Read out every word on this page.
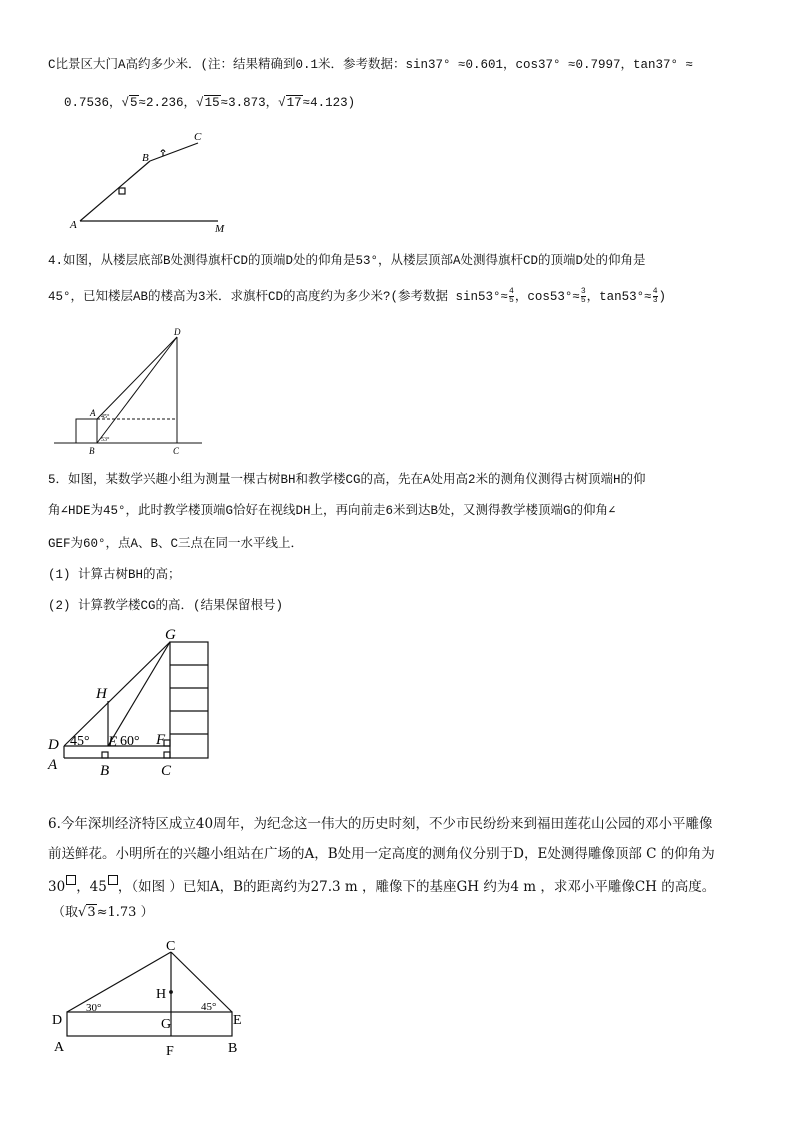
C比景区大门A高约多少米．(注：结果精确到0.1米．参考数据：sin37° ≈0.601，cos37° ≈0.7997，tan37° ≈
0.7536，√5≈2.236，√15≈3.873，√17≈4.123)
A
B
C
M
4.如图，从楼层底部B处测得旗杆CD的顶端D处的仰角是53°，从楼层顶部A处测得旗杆CD的顶端D处的仰角是
45°，已知楼层AB的楼高为3米．求旗杆CD的高度约为多少米?(参考数据 $\sin 53^\circ\approx \frac{4}{5}$ ，$\cos 53^\circ\approx \frac{3}{5}$ ，$\tan 53^\circ\approx \frac{4}{3}$ )
D
A
B	C
45°
53°
5．如图，某数学兴趣小组为测量一棵古树BH和教学楼CG的高，先在A处用高2米的测角仪测得古树顶端H的仰
角∠HDE为45°，此时教学楼顶端G恰好在视线DH上，再向前走6米到达B处，又测得教学楼顶端G的仰角∠
GEF为60°，点A、B、C三点在同一水平线上．
(1) 计算古树BH的高；
(2) 计算教学楼CG的高．(结果保留根号)
G
H
D	E	F
A	B	C
45° 60°
6.今年深圳经济特区成立40周年，为纪念这一伟大的历史时刻，不少市民纷纷来到福田莲花山公园的邓小平雕像
前送鲜花。小明所在的兴趣小组站在广场的A，B处用一定高度的测角仪分别于D，E处测得雕像顶部 C 的仰角为
30 ，45 ，（如图 ）已知A，B的距离约为27.3 m ，雕像下的基座GH 约为4 m ，求邓小平雕像CH 的高度。
（取√3≈1.73 ）
C
H
D	E
G
A	F	B
30°	45°
